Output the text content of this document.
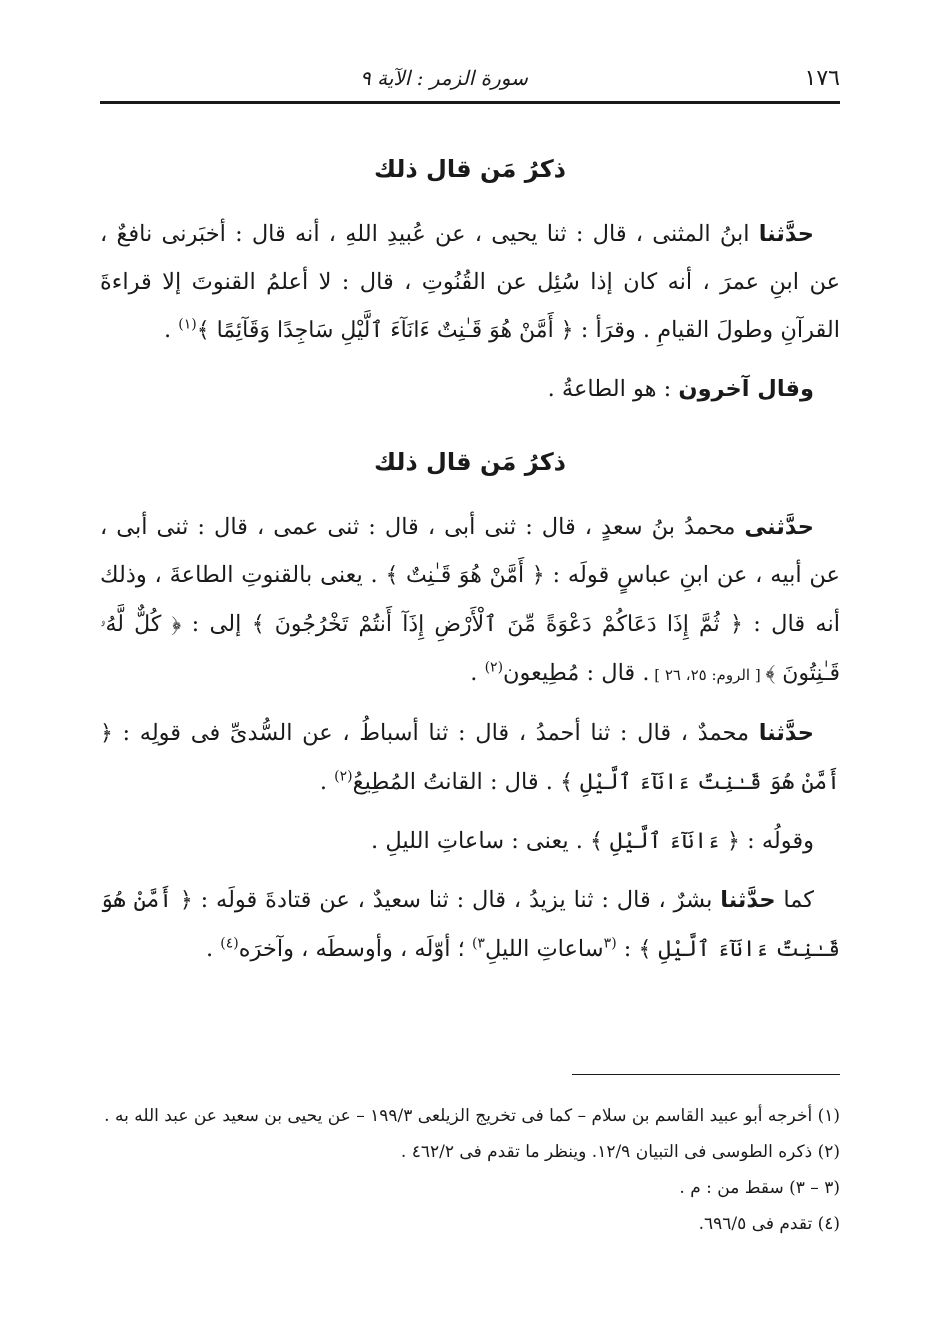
١٧٦
سورة الزمر : الآية ٩
ذكرُ مَن قال ذلك

حدَّثنا ابنُ المثنى ، قال : ثنا يحيى ، عن عُبيدِ اللهِ ، أنه قال : أخبَرنى نافعٌ ، عن ابنِ عمرَ ، أنه كان إذا سُئِل عن القُنُوتِ ، قال : لا أعلمُ القنوتَ إلا قراءةَ القرآنِ وطولَ القيامِ . وقرَأ : ﴿ أَمَّنْ هُوَ قَـٰنِتٌ ءَانَآءَ ٱلَّيْلِ سَاجِدًا وَقَآئِمًا ﴾$^{(١)}$ .

وقال آخرون : هو الطاعةُ .

ذكرُ مَن قال ذلك

حدَّثنى محمدُ بنُ سعدٍ ، قال : ثنى أبى ، قال : ثنى عمى ، قال : ثنى أبى ، عن أبيه ، عن ابنِ عباسٍ قولَه : ﴿ أَمَّنْ هُوَ قَـٰنِتٌ ﴾ . يعنى بالقنوتِ الطاعةَ ، وذلك أنه قال : ﴿ ثُمَّ إِذَا دَعَاكُمْ دَعْوَةً مِّنَ ٱلْأَرْضِ إِذَآ أَنتُمْ تَخْرُجُونَ ﴾ إلى : ﴿ كُلٌّ لَّهُۥ قَـٰنِتُونَ ﴾ [ الروم: ٢٥، ٢٦ ] . قال : مُطِيعون$^{(٢)}$ .

حدَّثنا محمدٌ ، قال : ثنا أحمدُ ، قال : ثنا أسباطُ ، عن السُّدىِّ فى قولِه : ﴿ أَمَّنْ هُوَ قَـٰنِتٌ ءَانَآءَ ٱلَّيْلِ ﴾ . قال : القانتُ المُطِيعُ$^{(٢)}$ .

وقولُه : ﴿ ءَانَآءَ ٱلَّيْلِ ﴾ . يعنى : ساعاتِ الليلِ .

كما حدَّثنا بشرٌ ، قال : ثنا يزيدُ ، قال : ثنا سعيدٌ ، عن قتادةَ قولَه : ﴿ أَمَّنْ هُوَ قَـٰنِتٌ ءَانَآءَ ٱلَّيْلِ ﴾ : $^{(٣}$ساعاتِ الليلِ$^{٣)}$ ؛ أوّلَه ، وأوسطَه ، وآخرَه$^{(٤)}$ .

(١) أخرجه أبو عبيد القاسم بن سلام – كما فى تخريج الزيلعى ١٩٩/٣ – عن يحيى بن سعيد عن عبد الله به .
(٢) ذكره الطوسى فى التبيان ١٢/٩. وينظر ما تقدم فى ٤٦٢/٢ .
(٣ – ٣) سقط من : م .
(٤) تقدم فى ٦٩٦/٥.
